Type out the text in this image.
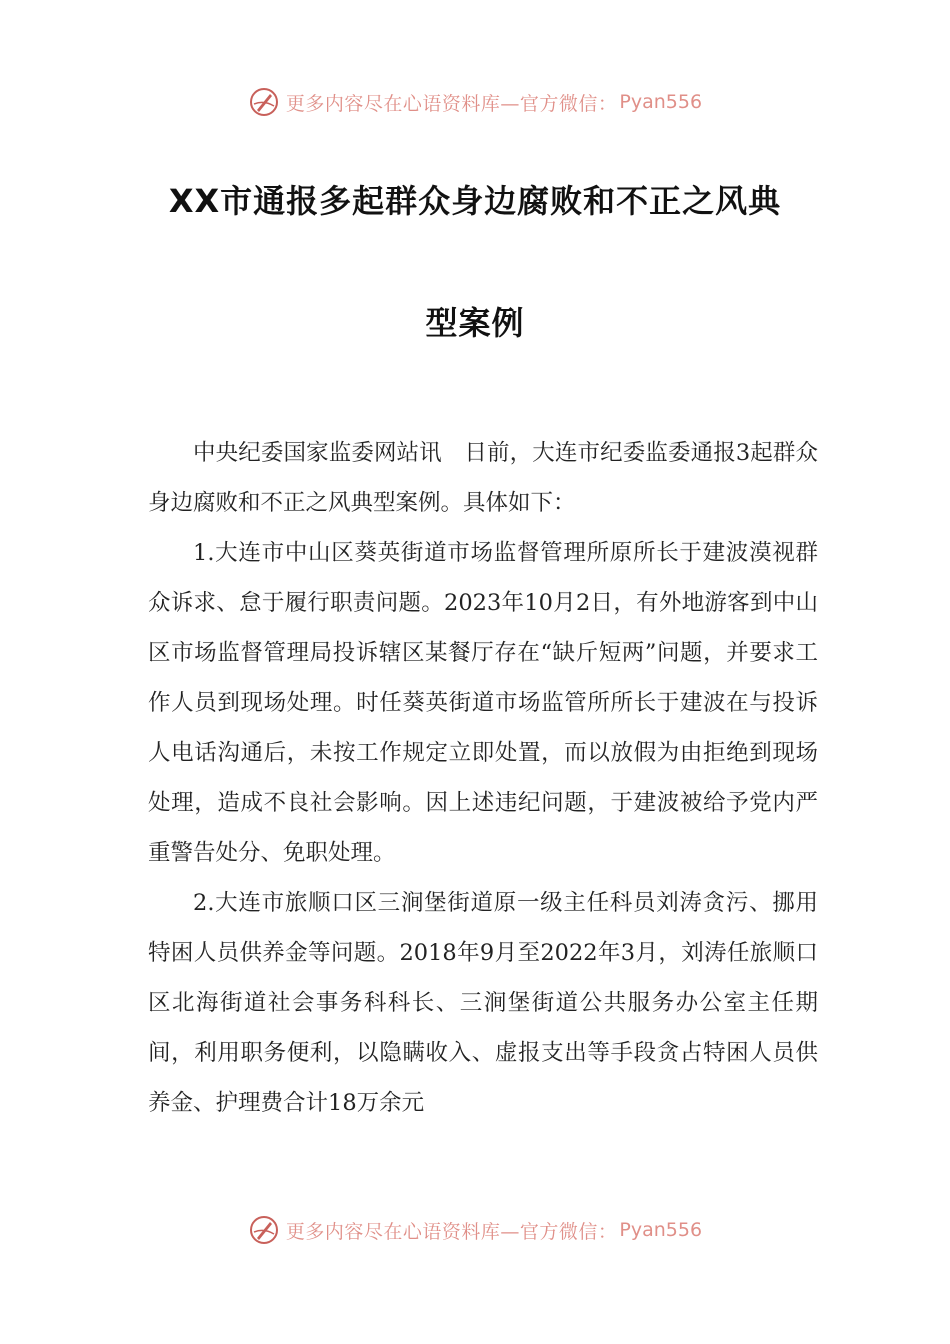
更多内容尽在心语资料库—官方微信： Pyan556
XX市通报多起群众身边腐败和不正之风典
型案例

中央纪委国家监委网站讯　日前，大连市纪委监委通报3起群众身边腐败和不正之风典型案例。具体如下：

1.大连市中山区葵英街道市场监督管理所原所长于建波漠视群众诉求、怠于履行职责问题。2023年10月2日，有外地游客到中山区市场监督管理局投诉辖区某餐厅存在“缺斤短两”问题，并要求工作人员到现场处理。时任葵英街道市场监管所所长于建波在与投诉人电话沟通后，未按工作规定立即处置，而以放假为由拒绝到现场处理，造成不良社会影响。因上述违纪问题，于建波被给予党内严重警告处分、免职处理。

2.大连市旅顺口区三涧堡街道原一级主任科员刘涛贪污、挪用特困人员供养金等问题。2018年9月至2022年3月，刘涛任旅顺口区北海街道社会事务科科长、三涧堡街道公共服务办公室主任期间，利用职务便利，以隐瞒收入、虚报支出等手段贪占特困人员供养金、护理费合计18万余元

更多内容尽在心语资料库—官方微信： Pyan556
